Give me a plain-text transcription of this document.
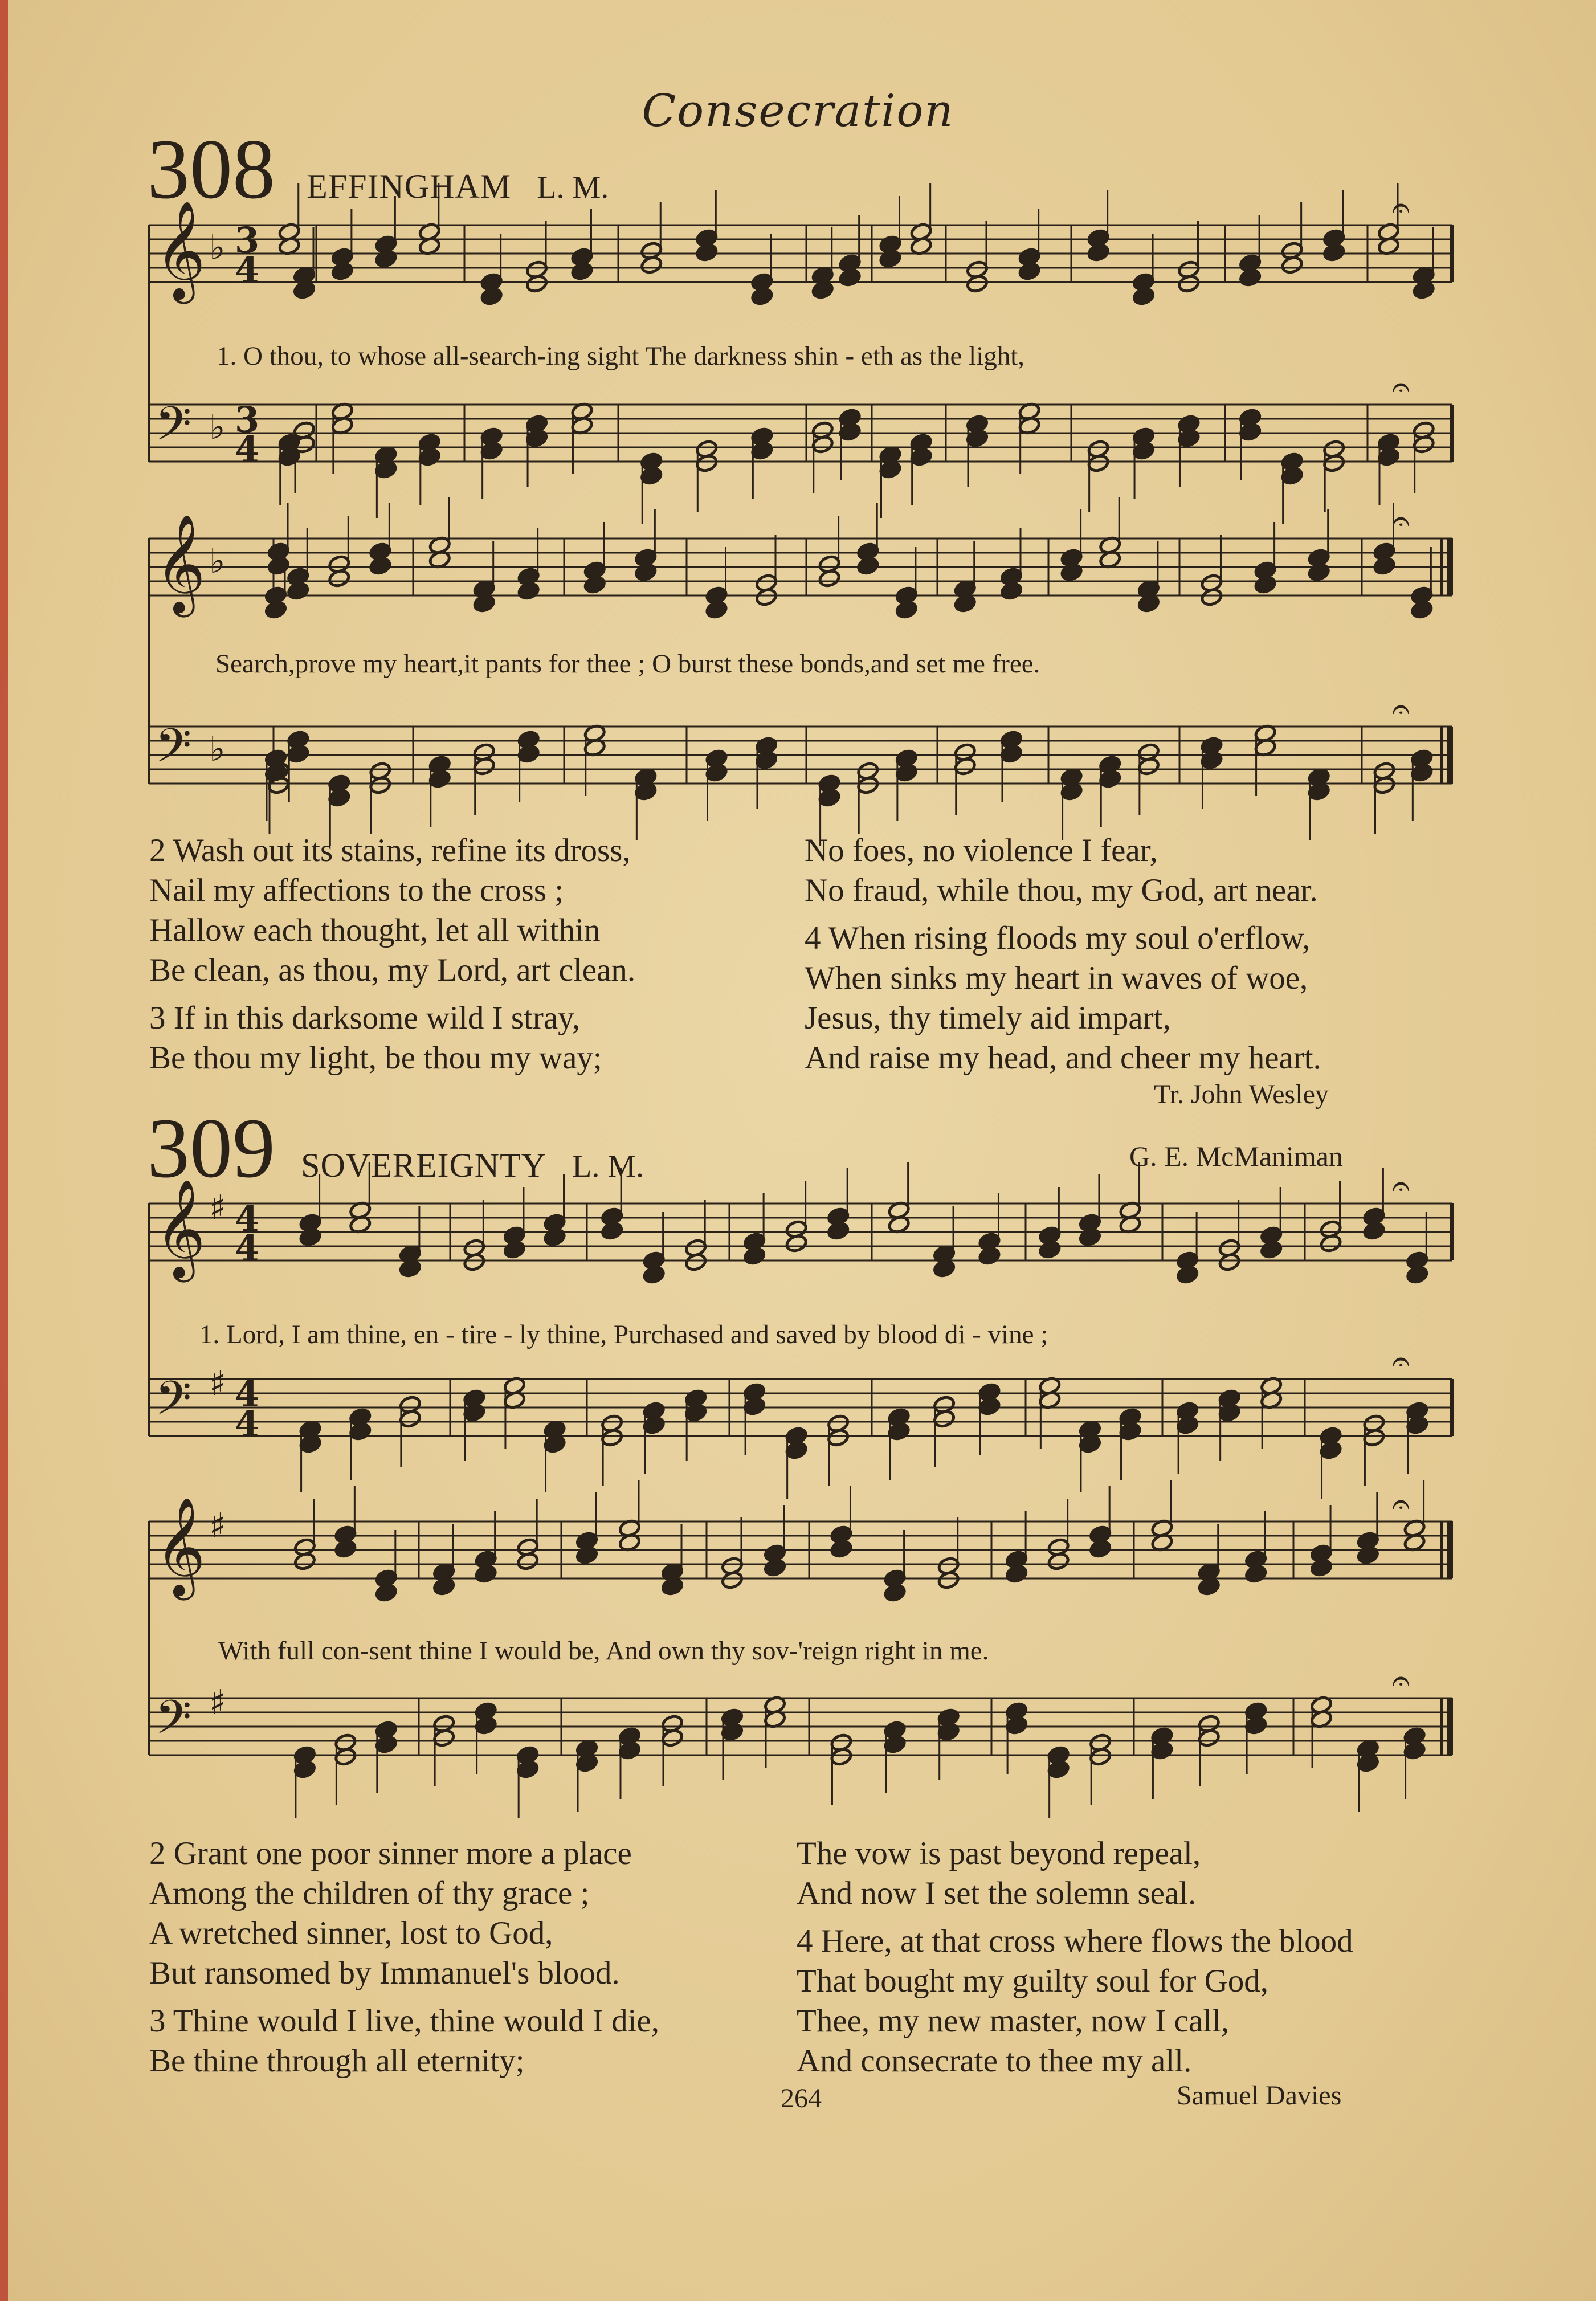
Consecration
308 EFFINGHAM L. M.
𝄞 ♭ 3
4
𝄢 ♭ 3
4
𝄐
𝄐
𝄞 ♭
𝄢 ♭
𝄐
𝄐
𝄞 ♯ 4
4
𝄢 ♯ 4
4
𝄐
𝄐
𝄞 ♯
𝄢 ♯
𝄐
𝄐
1. O thou, to whose all-search-ing sight The darkness shin - eth as the light,
Search,prove my heart,it pants for thee ; O burst these bonds,and set me free.
2 Wash out its stains, refine its dross,
Nail my affections to the cross ;
Hallow each thought, let all within
Be clean, as thou, my Lord, art clean.
3 If in this darksome wild I stray,
Be thou my light, be thou my way;
No foes, no violence I fear,
No fraud, while thou, my God, art near.
4 When rising floods my soul o'erflow,
When sinks my heart in waves of woe,
Jesus, thy timely aid impart,
And raise my head, and cheer my heart.
Tr. John Wesley
309 SOVEREIGNTY L. M.	G. E. McManiman
1. Lord, I am thine, en - tire - ly thine, Purchased and saved by blood di - vine ;
With full con-sent thine I would be, And own thy sov-'reign right in me.
2 Grant one poor sinner more a place
Among the children of thy grace ;
A wretched sinner, lost to God,
But ransomed by Immanuel's blood.
3 Thine would I live, thine would I die,
Be thine through all eternity;
The vow is past beyond repeal,
And now I set the solemn seal.
4 Here, at that cross where flows the blood
That bought my guilty soul for God,
Thee, my new master, now I call,
And consecrate to thee my all.
264	Samuel Davies
